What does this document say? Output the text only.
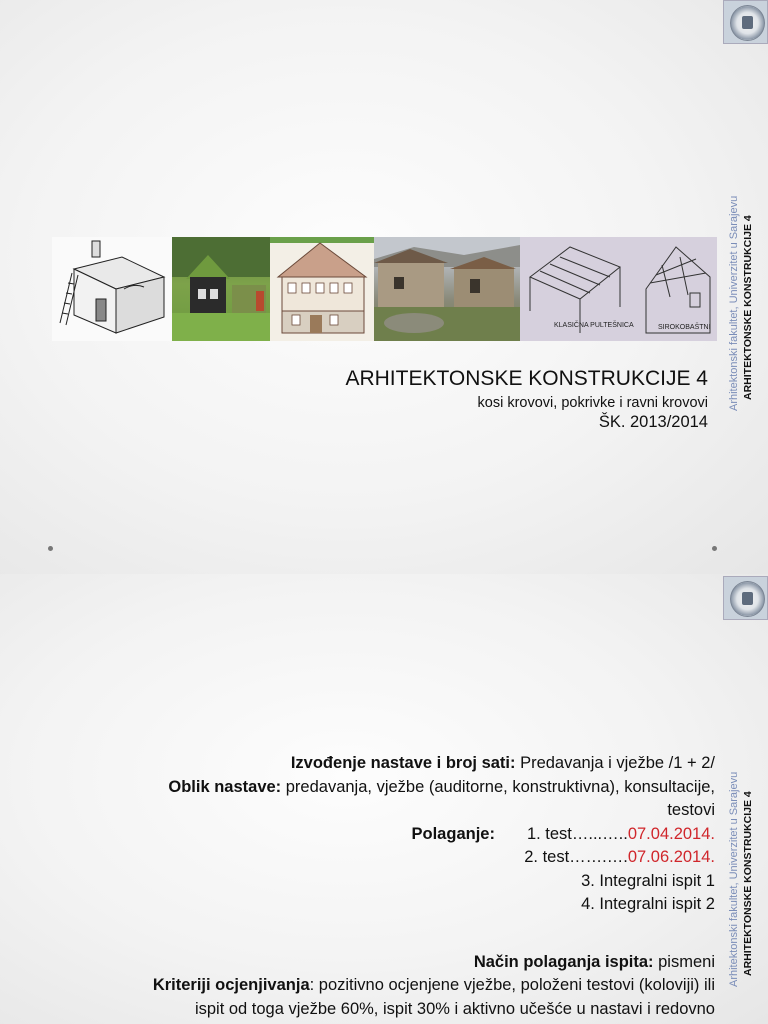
Arhitektonski fakultet, Univerzitet u Sarajevu ARHITEKTONSKE KONSTRUKCIJE 4
KLASIČNA PULTEŠNICA	SIROKOBAŠTNI
ARHITEKTONSKE KONSTRUKCIJE 4
kosi krovovi, pokrivke i ravni krovovi
ŠK. 2013/2014
Arhitektonski fakultet, Univerzitet u Sarajevu ARHITEKTONSKE KONSTRUKCIJE 4
Izvođenje nastave i broj sati: Predavanja i vježbe /1 + 2/
Oblik nastave: predavanja, vježbe (auditorne, konstruktivna), konsultacije,
testovi
Polaganje: 1. test…...…..07.04.2014.
2. test…….….07.06.2014.
3. Integralni ispit 1
4. Integralni ispit 2
Način polaganja ispita: pismeni
Kriteriji ocjenjivanja: pozitivno ocjenjene vježbe, položeni testovi (koloviji) ili
ispit od toga vježbe 60%, ispit 30% i aktivno učešće u nastavi i redovno
